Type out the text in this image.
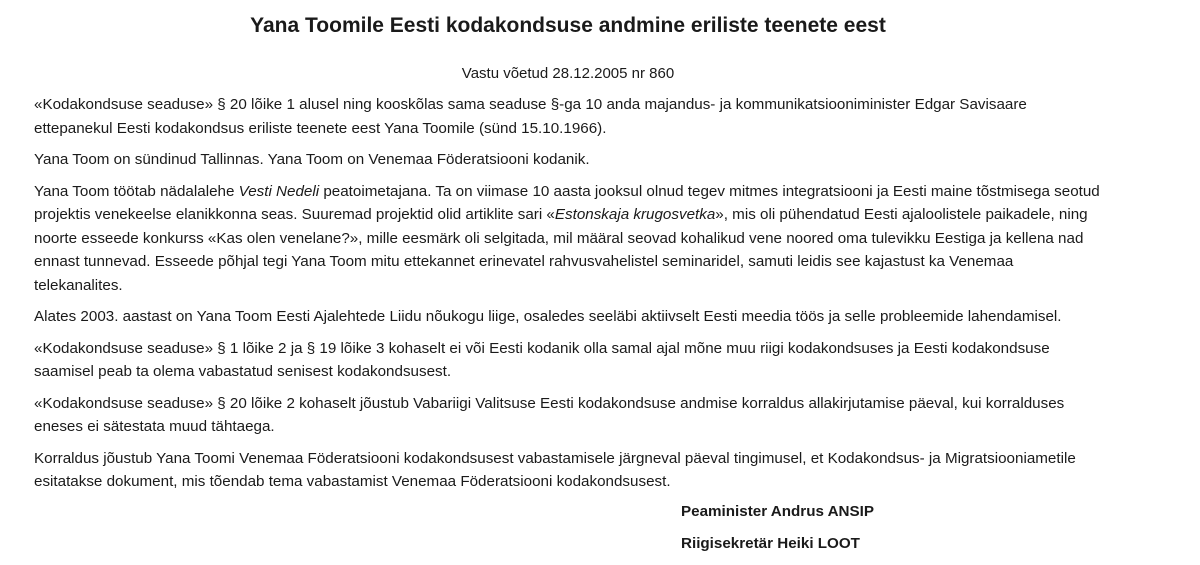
Yana Toomile Eesti kodakondsuse andmine eriliste teenete eest

Vastu võetud 28.12.2005 nr 860

«Kodakondsuse seaduse» § 20 lõike 1 alusel ning kooskõlas sama seaduse §-ga 10 anda majandus- ja kommunikatsiooniminister Edgar Savisaare ettepanekul Eesti kodakondsus eriliste teenete eest Yana Toomile (sünd 15.10.1966).

Yana Toom on sündinud Tallinnas. Yana Toom on Venemaa Föderatsiooni kodanik.

Yana Toom töötab nädalalehe Vesti Nedeli peatoimetajana. Ta on viimase 10 aasta jooksul olnud tegev mitmes integratsiooni ja Eesti maine tõstmisega seotud projektis venekeelse elanikkonna seas. Suuremad projektid olid artiklite sari «Estonskaja krugosvetka», mis oli pühendatud Eesti ajaloolistele paikadele, ning noorte esseede konkurss «Kas olen venelane?», mille eesmärk oli selgitada, mil määral seovad kohalikud vene noored oma tulevikku Eestiga ja kellena nad ennast tunnevad. Esseede põhjal tegi Yana Toom mitu ettekannet erinevatel rahvusvahelistel seminaridel, samuti leidis see kajastust ka Venemaa telekanalites.

Alates 2003. aastast on Yana Toom Eesti Ajalehtede Liidu nõukogu liige, osaledes seeläbi aktiivselt Eesti meedia töös ja selle probleemide lahendamisel.

«Kodakondsuse seaduse» § 1 lõike 2 ja § 19 lõike 3 kohaselt ei või Eesti kodanik olla samal ajal mõne muu riigi kodakondsuses ja Eesti kodakondsuse saamisel peab ta olema vabastatud senisest kodakondsusest.

«Kodakondsuse seaduse» § 20 lõike 2 kohaselt jõustub Vabariigi Valitsuse Eesti kodakondsuse andmise korraldus allakirjutamise päeval, kui korralduses eneses ei sätestata muud tähtaega.

Korraldus jõustub Yana Toomi Venemaa Föderatsiooni kodakondsusest vabastamisele järgneval päeval tingimusel, et Kodakondsus- ja Migratsiooniametile esitatakse dokument, mis tõendab tema vabastamist Venemaa Föderatsiooni kodakondsusest.

Peaminister Andrus ANSIP

Riigisekretär Heiki LOOT
